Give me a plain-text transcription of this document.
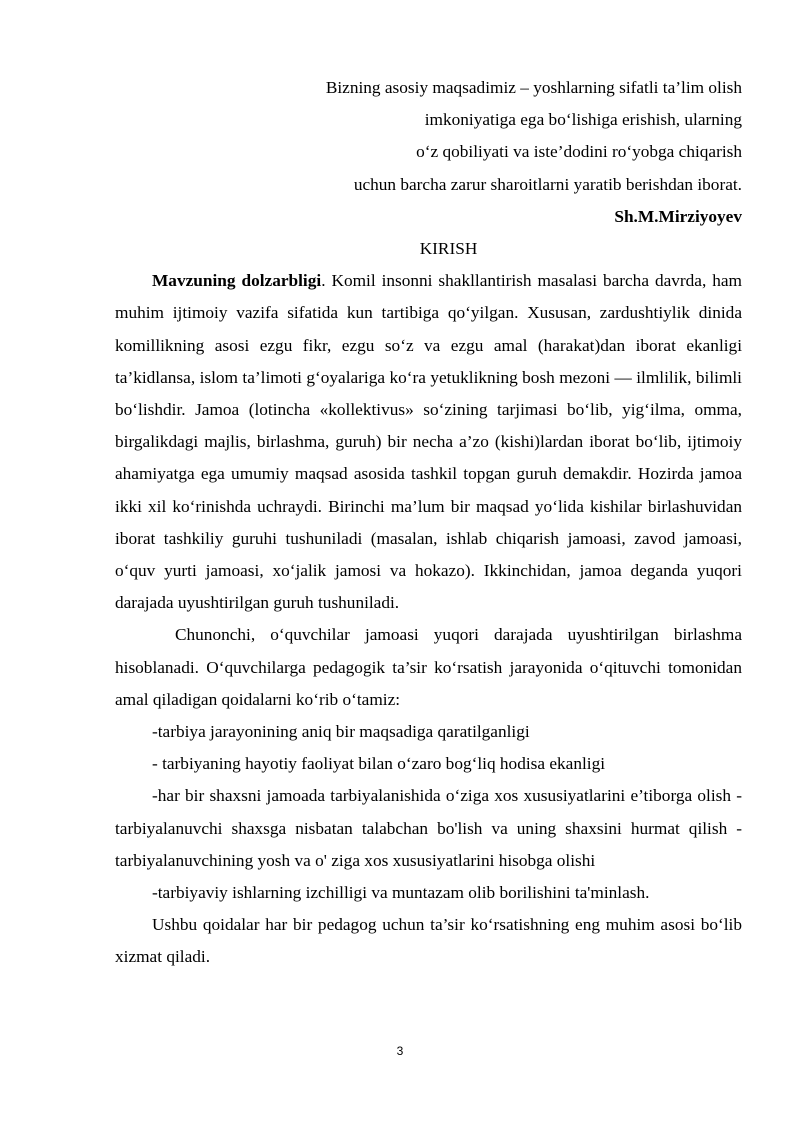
Bizning asosiy maqsadimiz – yoshlarning sifatli ta’lim olish
imkoniyatiga ega bo‘lishiga erishish, ularning
o‘z qobiliyati va iste’dodini ro‘yobga chiqarish
uchun barcha zarur sharoitlarni yaratib berishdan iborat.
Sh.M.Mirziyoyev
KIRISH

Mavzuning dolzarbligi. Komil insonni shakllantirish masalasi barcha davrda, ham muhim ijtimoiy vazifa sifatida kun tartibiga qo‘yilgan. Xususan, zardushtiylik dinida komillikning asosi ezgu fikr, ezgu so‘z va ezgu amal (harakat)dan iborat ekanligi ta’kidlansa, islom ta’limoti g‘oyalariga ko‘ra yetuklikning bosh mezoni — ilmlilik, bilimli bo‘lishdir. Jamoa (lotincha «kollektivus» so‘zining tarjimasi bo‘lib, yig‘ilma, omma, birgalikdagi majlis, birlashma, guruh) bir necha a’zo (kishi)lardan iborat bo‘lib, ijtimoiy ahamiyatga ega umumiy maqsad asosida tashkil topgan guruh demakdir. Hozirda jamoa ikki xil ko‘rinishda uchraydi. Birinchi ma’lum bir maqsad yo‘lida kishilar birlashuvidan iborat tashkiliy guruhi tushuniladi (masalan, ishlab chiqarish jamoasi, zavod jamoasi, o‘quv yurti jamoasi, xo‘jalik jamosi va hokazo). Ikkinchidan, jamoa deganda yuqori darajada uyushtirilgan guruh tushuniladi.

Chunonchi, o‘quvchilar jamoasi yuqori darajada uyushtirilgan birlashma hisoblanadi. O‘quvchilarga pedagogik ta’sir ko‘rsatish jarayonida o‘qituvchi tomonidan amal qiladigan qoidalarni ko‘rib o‘tamiz:

-tarbiya jarayonining aniq bir maqsadiga qaratilganligi

- tarbiyaning hayotiy faoliyat bilan o‘zaro bog‘liq hodisa ekanligi

-har bir shaxsni jamoada tarbiyalanishida o‘ziga xos xususiyatlarini e’tiborga olish -tarbiyalanuvchi shaxsga nisbatan talabchan bo'lish va uning shaxsini hurmat qilish - tarbiyalanuvchining yosh va o' ziga xos xususiyatlarini hisobga olishi

-tarbiyaviy ishlarning izchilligi va muntazam olib borilishini ta'minlash.

Ushbu qoidalar har bir pedagog uchun ta’sir ko‘rsatishning eng muhim asosi bo‘lib xizmat qiladi.

3
